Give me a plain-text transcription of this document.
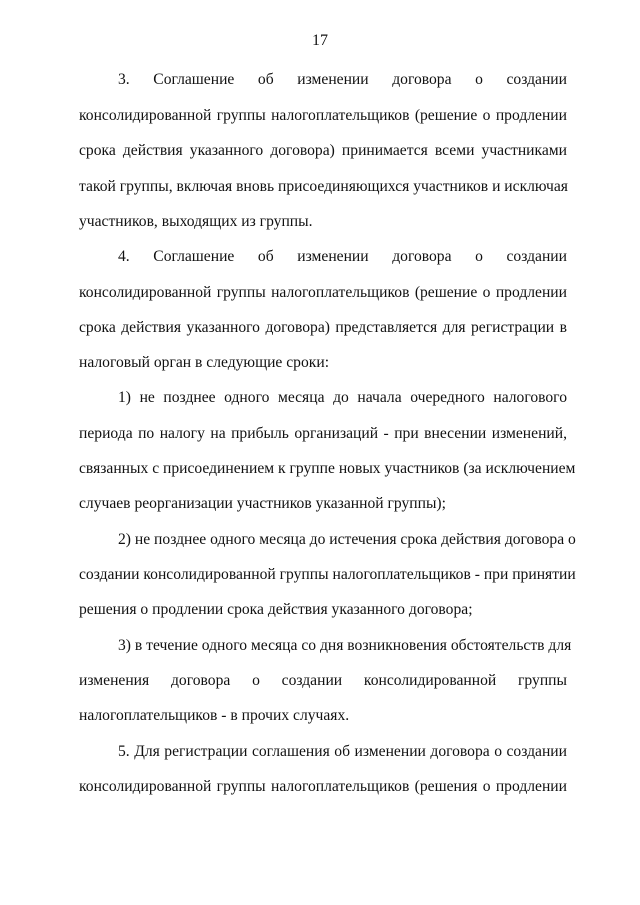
17
3. Соглашение об изменении договора о создании
консолидированной группы налогоплательщиков (решение о продлении
срока действия указанного договора) принимается всеми участниками
такой группы, включая вновь присоединяющихся участников и исключая
участников, выходящих из группы.
4. Соглашение об изменении договора о создании
консолидированной группы налогоплательщиков (решение о продлении
срока действия указанного договора) представляется для регистрации в
налоговый орган в следующие сроки:
1) не позднее одного месяца до начала очередного налогового
периода по налогу на прибыль организаций - при внесении изменений,
связанных с присоединением к группе новых участников (за исключением
случаев реорганизации участников указанной группы);
2) не позднее одного месяца до истечения срока действия договора о
создании консолидированной группы налогоплательщиков - при принятии
решения о продлении срока действия указанного договора;
3) в течение одного месяца со дня возникновения обстоятельств для
изменения договора о создании консолидированной группы
налогоплательщиков - в прочих случаях.
5. Для регистрации соглашения об изменении договора о создании
консолидированной группы налогоплательщиков (решения о продлении
